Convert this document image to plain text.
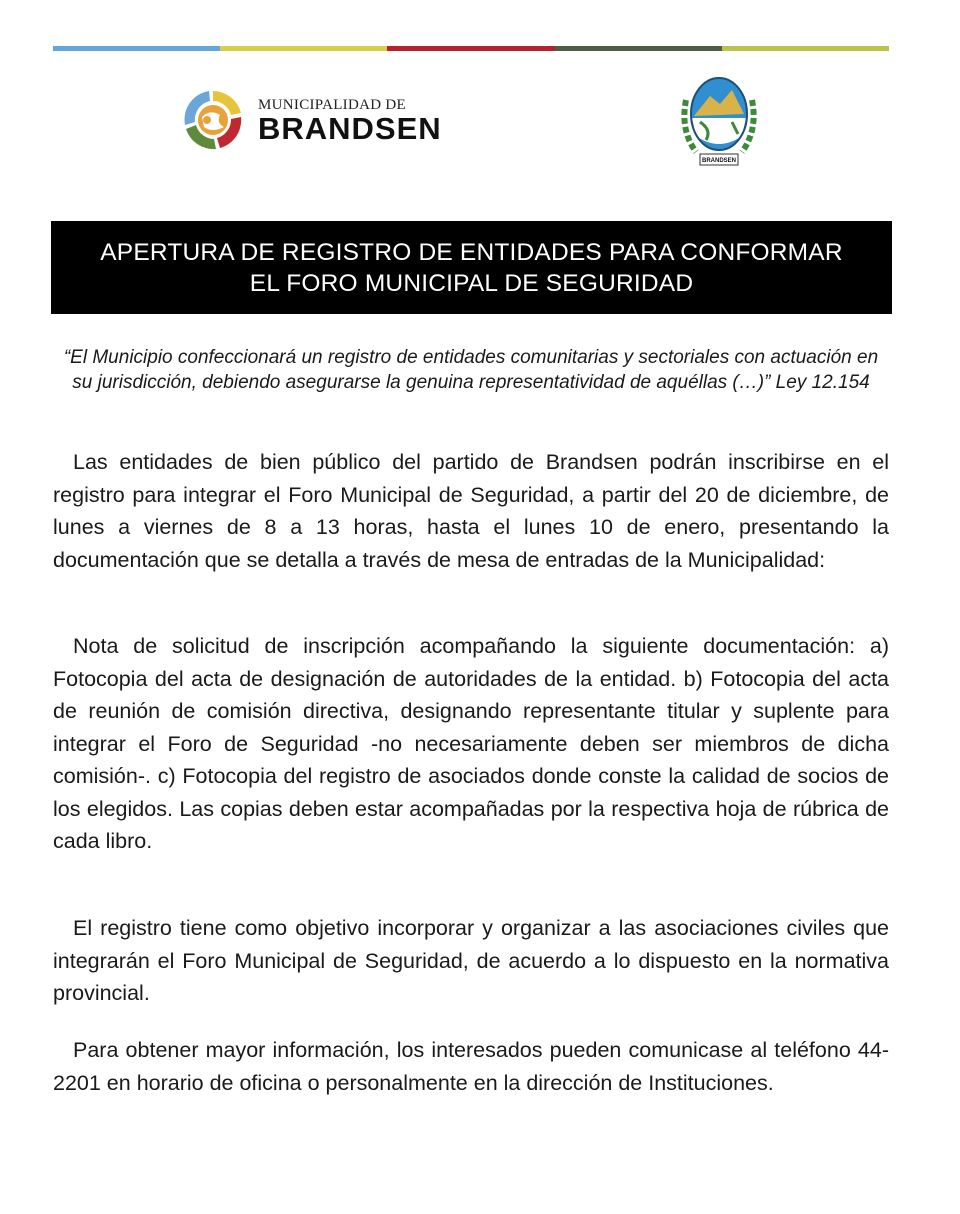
MUNICIPALIDAD DE
BRANDSEN
BRANDSEN
APERTURA DE REGISTRO DE ENTIDADES PARA CONFORMAR EL FORO MUNICIPAL DE SEGURIDAD

“El Municipio confeccionará un registro de entidades comunitarias y sectoriales con actuación en su jurisdicción, debiendo asegurarse la genuina representatividad de aquéllas (…)” Ley 12.154

Las entidades de bien público del partido de Brandsen podrán inscribirse en el registro para integrar el Foro Municipal de Seguridad, a partir del 20 de diciembre, de lunes a viernes de 8 a 13 horas, hasta el lunes 10 de enero, presentando la documentación que se detalla a través de mesa de entradas de la Municipalidad:

Nota de solicitud de inscripción acompañando la siguiente documentación: a) Fotocopia del acta de designación de autoridades de la entidad. b) Fotocopia del acta de reunión de comisión directiva, designando representante titular y suplente para integrar el Foro de Seguridad -no necesariamente deben ser miembros de dicha comisión-. c) Fotocopia del registro de asociados donde conste la calidad de socios de los elegidos. Las copias deben estar acompañadas por la respectiva hoja de rúbrica de cada libro.

El registro tiene como objetivo incorporar y organizar a las asociaciones civiles que integrarán el Foro Municipal de Seguridad, de acuerdo a lo dispuesto en la normativa provincial.

Para obtener mayor información, los interesados pueden comunicase al teléfono 44-2201 en horario de oficina o personalmente en la dirección de Instituciones.
